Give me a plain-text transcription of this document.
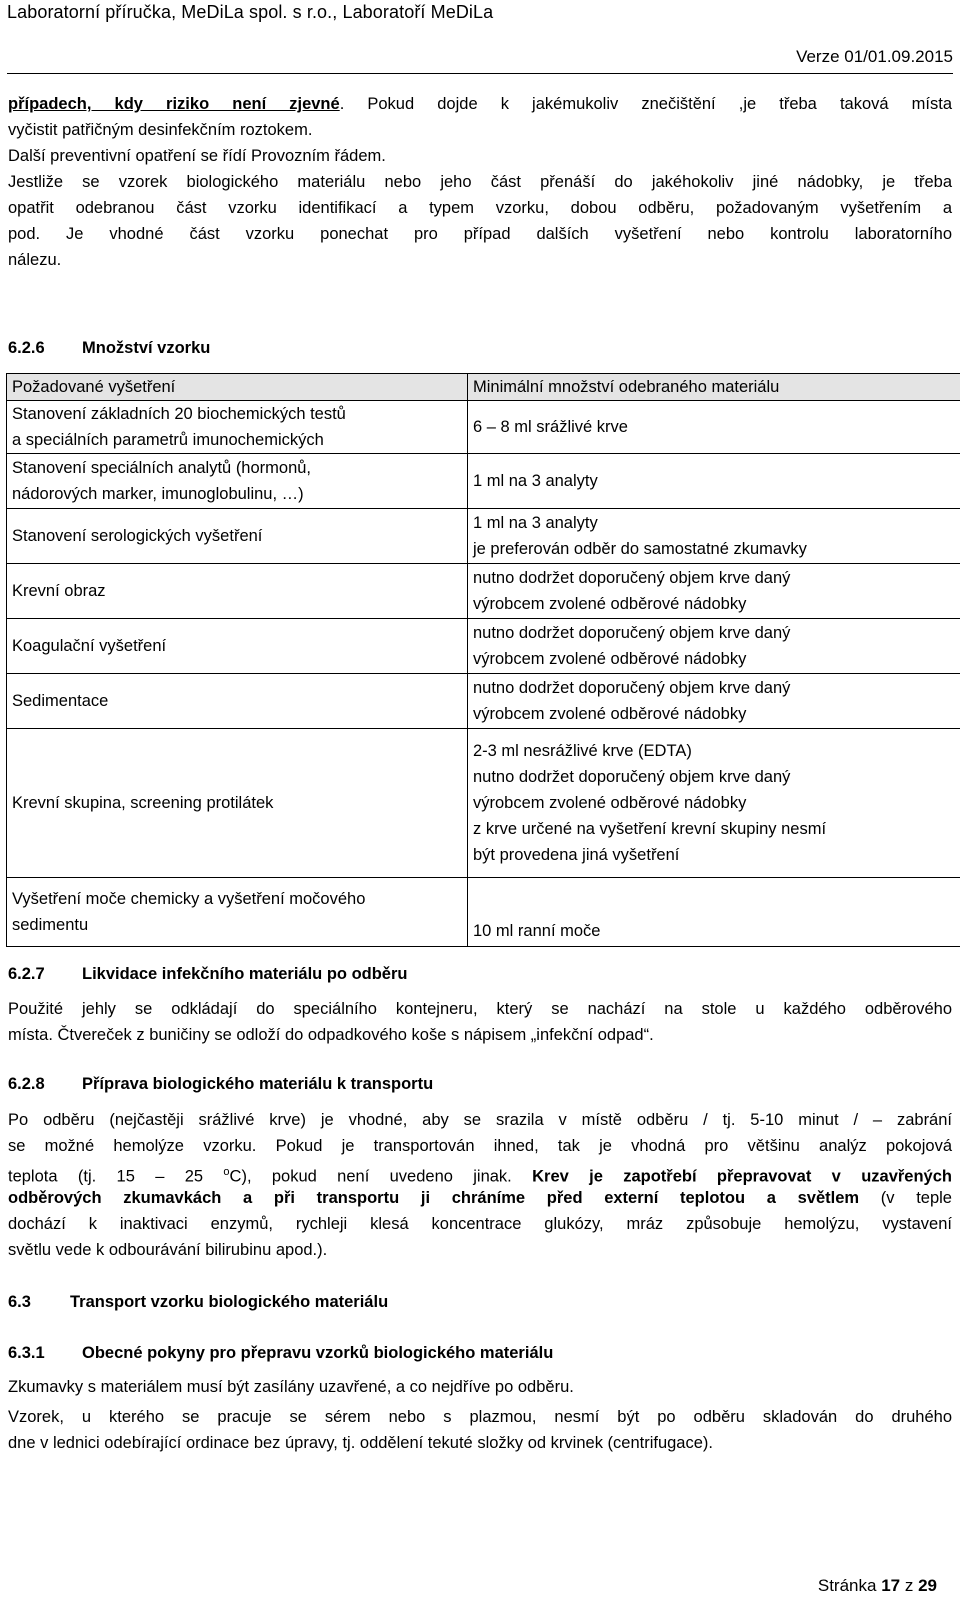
Laboratorní příručka, MeDiLa spol. s r.o., Laboratoří MeDiLa
Verze 01/01.09.2015
případech, kdy riziko není zjevné. Pokud dojde k jakémukoliv znečištění ,je třeba taková místa
vyčistit patřičným desinfekčním roztokem.
Další preventivní opatření se řídí Provozním řádem.
Jestliže se vzorek biologického materiálu nebo jeho část přenáší do jakéhokoliv jiné nádobky, je třeba
opatřit odebranou část vzorku identifikací a typem vzorku, dobou odběru, požadovaným vyšetřením a
pod. Je vhodné část vzorku ponechat pro případ dalších vyšetření nebo kontrolu laboratorního
nálezu.
6.2.6 Množství vzorku
Požadované vyšetření	Minimální množství odebraného materiálu

Stanovení základních 20 biochemických testů
a speciálních parametrů imunochemických	6 – 8 ml srážlivé krve

Stanovení speciálních analytů (hormonů,
nádorových marker, imunoglobulinu, …)	1 ml na 3 analyty

Stanovení serologických vyšetření	1 ml na 3 analyty
je preferován odběr do samostatné zkumavky

Krevní obraz	nutno dodržet doporučený objem krve daný
výrobcem zvolené odběrové nádobky

Koagulační vyšetření	nutno dodržet doporučený objem krve daný
výrobcem zvolené odběrové nádobky

Sedimentace	nutno dodržet doporučený objem krve daný
výrobcem zvolené odběrové nádobky

Krevní skupina, screening protilátek	2-3 ml nesrážlivé krve (EDTA)
nutno dodržet doporučený objem krve daný
výrobcem zvolené odběrové nádobky
z krve určené na vyšetření krevní skupiny nesmí
být provedena jiná vyšetření

Vyšetření moče chemicky a vyšetření močového
sedimentu	10 ml ranní moče
6.2.7 Likvidace infekčního materiálu po odběru
Použité jehly se odkládají do speciálního kontejneru, který se nachází na stole u každého odběrového
místa. Čtvereček z buničiny se odloží do odpadkového koše s nápisem „infekční odpad“.
6.2.8 Příprava biologického materiálu k transportu
Po odběru (nejčastěji srážlivé krve) je vhodné, aby se srazila v místě odběru / tj. 5-10 minut / – zabrání
se možné hemolýze vzorku. Pokud je transportován ihned, tak je vhodná pro většinu analýz pokojová
teplota (tj. 15 – 25 $^o$C), pokud není uvedeno jinak. Krev je zapotřebí přepravovat v uzavřených
odběrových zkumavkách a při transportu ji chráníme před externí teplotou a světlem (v teple
dochází k inaktivaci enzymů, rychleji klesá koncentrace glukózy, mráz způsobuje hemolýzu, vystavení
světlu vede k odbourávání bilirubinu apod.).
6.3 Transport vzorku biologického materiálu
6.3.1 Obecné pokyny pro přepravu vzorků biologického materiálu
Zkumavky s materiálem musí být zasílány uzavřené, a co nejdříve po odběru.
Vzorek, u kterého se pracuje se sérem nebo s plazmou, nesmí být po odběru skladován do druhého
dne v lednici odebírající ordinace bez úpravy, tj. oddělení tekuté složky od krvinek (centrifugace).
Stránka 17 z 29
